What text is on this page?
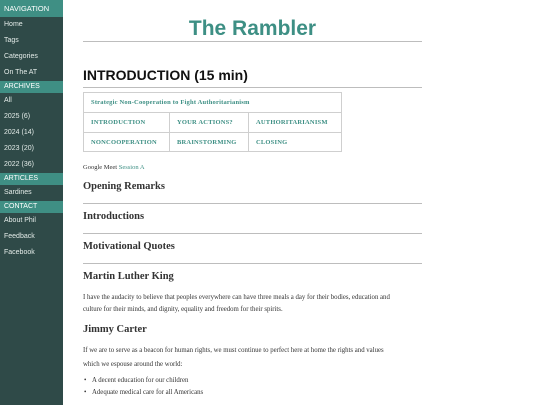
NAVIGATION
Home
Tags
Categories
On The AT
ARCHIVES
All
2025 (6)
2024 (14)
2023 (20)
2022 (36)
ARTICLES
Sardines
CONTACT
About Phil
Feedback
Facebook
The Rambler
INTRODUCTION (15 min)
Strategic Non-Cooperation to Fight Authoritarianism
INTRODUCTION	YOUR ACTIONS?	AUTHORITARIANISM
NONCOOPERATION	BRAINSTORMING	CLOSING
Google Meet Session A
Opening Remarks
Introductions
Motivational Quotes
Martin Luther King

I have the audacity to believe that peoples everywhere can have three meals a day for their bodies, education and

culture for their minds, and dignity, equality and freedom for their spirits.

Jimmy Carter

If we are to serve as a beacon for human rights, we must continue to perfect here at home the rights and values

which we espouse around the world:

• A decent education for our children
• Adequate medical care for all Americans
